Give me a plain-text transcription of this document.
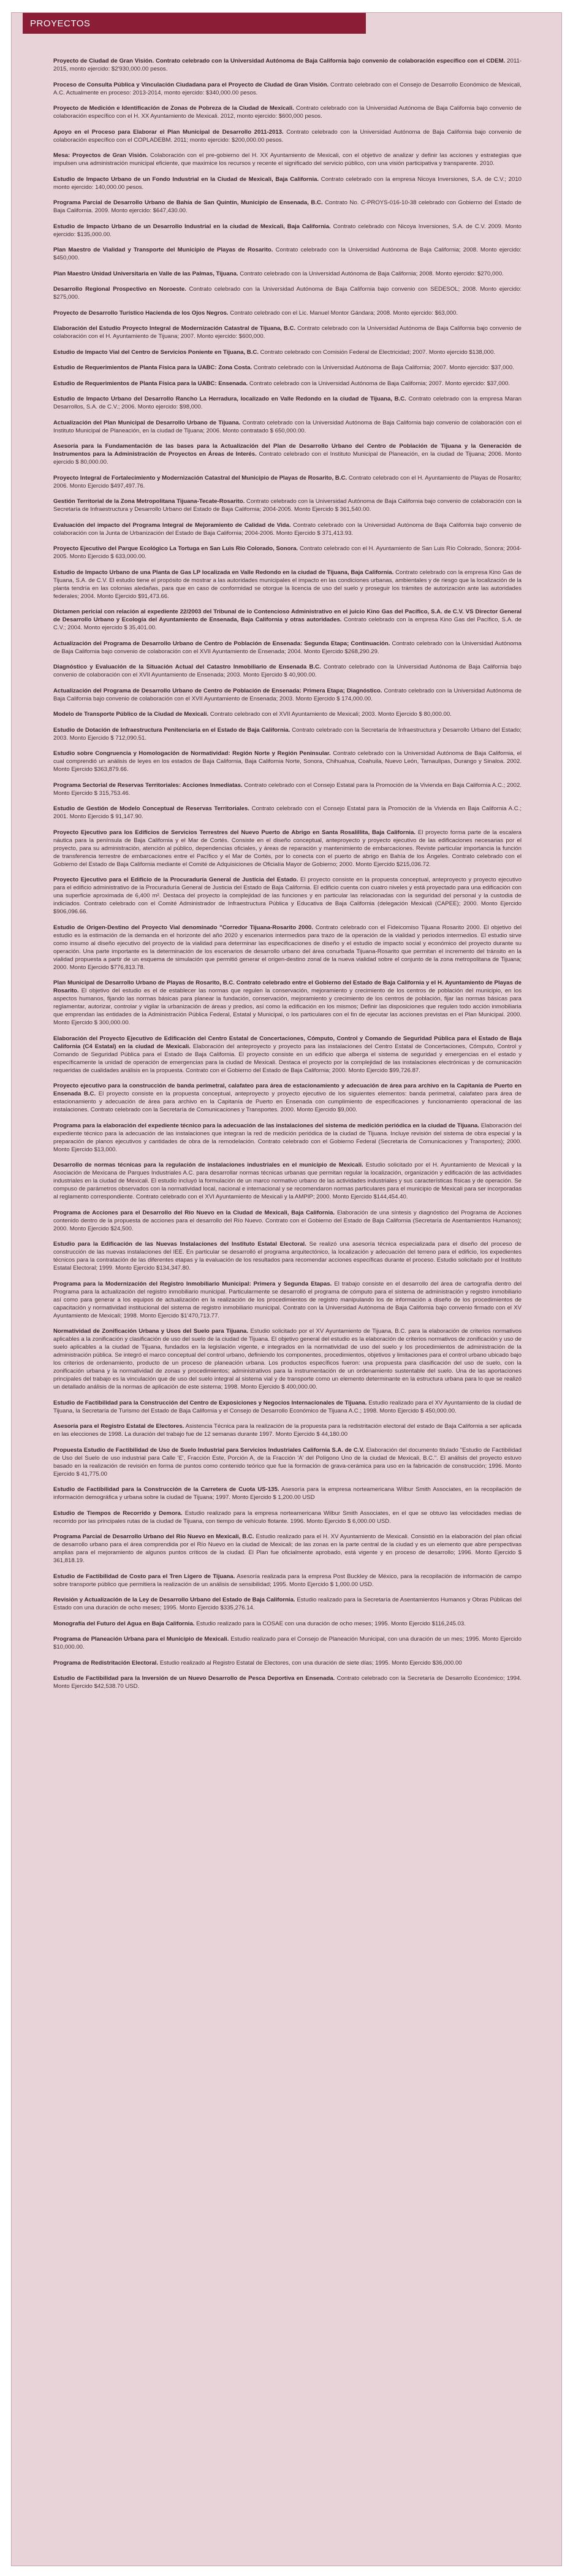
PROYECTOS
Proyecto de Ciudad de Gran Visión. Contrato celebrado con la Universidad Autónoma de Baja California bajo convenio de colaboración específico con el CDEM. 2011-2015, monto ejercido: $2'930,000.00 pesos.
Proceso de Consulta Pública y Vinculación Ciudadana para el Proyecto de Ciudad de Gran Visión. Contrato celebrado con el Consejo de Desarrollo Económico de Mexicali, A.C. Actualmente en proceso: 2013-2014, monto ejercido: $340,000.00 pesos.
Proyecto de Medición e Identificación de Zonas de Pobreza de la Ciudad de Mexicali. Contrato celebrado con la Universidad Autónoma de Baja California bajo convenio de colaboración específico con el H. XX Ayuntamiento de Mexicali. 2012, monto ejercido: $600,000 pesos.
Apoyo en el Proceso para Elaborar el Plan Municipal de Desarrollo 2011-2013. Contrato celebrado con la Universidad Autónoma de Baja California bajo convenio de colaboración específico con el COPLADEBM. 2011; monto ejercido: $200,000.00 pesos.
Mesa: Proyectos de Gran Visión. Colaboración con el pre-gobierno del H. XX Ayuntamiento de Mexicali, con el objetivo de analizar y definir las acciones y estrategias que impulsen una administración municipal eficiente, que maximice los recursos y recente el significado del servicio público, con una visión participativa y transparente. 2010.
Estudio de Impacto Urbano de un Fondo Industrial en la Ciudad de Mexicali, Baja California. Contrato celebrado con la empresa Nicoya Inversiones, S.A. de C.V.; 2010 monto ejercido: 140,000.00 pesos.
Programa Parcial de Desarrollo Urbano de Bahía de San Quintín, Municipio de Ensenada, B.C. Contrato No. C-PROYS-016-10-38 celebrado con Gobierno del Estado de Baja California. 2009. Monto ejercido: $647,430.00.
Estudio de Impacto Urbano de un Desarrollo Industrial en la ciudad de Mexicali, Baja California. Contrato celebrado con Nicoya Inversiones, S.A. de C.V. 2009. Monto ejercido: $135,000.00.
Plan Maestro de Vialidad y Transporte del Municipio de Playas de Rosarito. Contrato celebrado con la Universidad Autónoma de Baja California; 2008. Monto ejercido: $450,000.
Plan Maestro Unidad Universitaria en Valle de las Palmas, Tijuana. Contrato celebrado con la Universidad Autónoma de Baja California; 2008. Monto ejercido: $270,000.
Desarrollo Regional Prospectivo en Noroeste. Contrato celebrado con la Universidad Autónoma de Baja California bajo convenio con SEDESOL; 2008. Monto ejercido: $275,000.
Proyecto de Desarrollo Turístico Hacienda de los Ojos Negros. Contrato celebrado con el Lic. Manuel Montor Gándara; 2008. Monto ejercido: $63,000.
Elaboración del Estudio Proyecto Integral de Modernización Catastral de Tijuana, B.C. Contrato celebrado con la Universidad Autónoma de Baja California bajo convenio de colaboración con el H. Ayuntamiento de Tijuana; 2007. Monto ejercido: $600,000.
Estudio de Impacto Vial del Centro de Servicios Poniente en Tijuana, B.C. Contrato celebrado con Comisión Federal de Electricidad; 2007. Monto ejercido $138,000.
Estudio de Requerimientos de Planta Física para la UABC: Zona Costa. Contrato celebrado con la Universidad Autónoma de Baja California; 2007. Monto ejercido: $37,000.
Estudio de Requerimientos de Planta Física para la UABC: Ensenada. Contrato celebrado con la Universidad Autónoma de Baja California; 2007. Monto ejercido: $37,000.
Estudio de Impacto Urbano del Desarrollo Rancho La Herradura, localizado en Valle Redondo en la ciudad de Tijuana, B.C. Contrato celebrado con la empresa Maran Desarrollos, S.A. de C.V.; 2006. Monto ejercido: $98,000.
Actualización del Plan Municipal de Desarrollo Urbano de Tijuana. Contrato celebrado con la Universidad Autónoma de Baja California bajo convenio de colaboración con el Instituto Municipal de Planeación, en la ciudad de Tijuana; 2006. Monto contratado $ 650,000.00.
Asesoría para la Fundamentación de las bases para la Actualización del Plan de Desarrollo Urbano del Centro de Población de Tijuana y la Generación de Instrumentos para la Administración de Proyectos en Áreas de Interés. Contrato celebrado con el Instituto Municipal de Planeación, en la ciudad de Tijuana; 2006. Monto ejercido $ 80,000.00.
Proyecto Integral de Fortalecimiento y Modernización Catastral del Municipio de Playas de Rosarito, B.C. Contrato celebrado con el H. Ayuntamiento de Playas de Rosarito; 2006. Monto Ejercido $497,497.76.
Gestión Territorial de la Zona Metropolitana Tijuana-Tecate-Rosarito. Contrato celebrado con la Universidad Autónoma de Baja California bajo convenio de colaboración con la Secretaría de Infraestructura y Desarrollo Urbano del Estado de Baja California; 2004-2005. Monto Ejercido $ 361,540.00.
Evaluación del impacto del Programa Integral de Mejoramiento de Calidad de Vida. Contrato celebrado con la Universidad Autónoma de Baja California bajo convenio de colaboración con la Junta de Urbanización del Estado de Baja California; 2004-2006. Monto Ejercido $ 371,413.93.
Proyecto Ejecutivo del Parque Ecológico La Tortuga en San Luis Río Colorado, Sonora. Contrato celebrado con el H. Ayuntamiento de San Luis Río Colorado, Sonora; 2004-2005. Monto Ejercido $ 633,000.00.
Estudio de Impacto Urbano de una Planta de Gas LP localizada en Valle Redondo en la ciudad de Tijuana, Baja California. Contrato celebrado con la empresa Kino Gas de Tijuana, S.A. de C.V. El estudio tiene el propósito de mostrar a las autoridades municipales el impacto en las condiciones urbanas, ambientales y de riesgo que la localización de la planta tendría en las colonias aledañas, para que en caso de conformidad se otorgue la licencia de uso del suelo y proseguir los trámites de autorización ante las autoridades federales; 2004. Monto Ejercido $91,473.66.
Dictamen pericial con relación al expediente 22/2003 del Tribunal de lo Contencioso Administrativo en el juicio Kino Gas del Pacífico, S.A. de C.V. VS Director General de Desarrollo Urbano y Ecología del Ayuntamiento de Ensenada, Baja California y otras autoridades. Contrato celebrado con la empresa Kino Gas del Pacífico, S.A. de C.V.; 2004. Monto ejercido $ 35,401.00.
Actualización del Programa de Desarrollo Urbano de Centro de Población de Ensenada: Segunda Etapa; Continuación. Contrato celebrado con la Universidad Autónoma de Baja California bajo convenio de colaboración con el XVII Ayuntamiento de Ensenada; 2004. Monto Ejercido $268,290.29.
Diagnóstico y Evaluación de la Situación Actual del Catastro Inmobiliario de Ensenada B.C. Contrato celebrado con la Universidad Autónoma de Baja California bajo convenio de colaboración con el XVII Ayuntamiento de Ensenada; 2003. Monto Ejercido $ 40,900.00.
Actualización del Programa de Desarrollo Urbano de Centro de Población de Ensenada: Primera Etapa; Diagnóstico. Contrato celebrado con la Universidad Autónoma de Baja California bajo convenio de colaboración con el XVII Ayuntamiento de Ensenada; 2003. Monto Ejercido $ 174,000.00.
Modelo de Transporte Público de la Ciudad de Mexicali. Contrato celebrado con el XVII Ayuntamiento de Mexicali; 2003. Monto Ejercido $ 80,000.00.
Estudio de Dotación de Infraestructura Penitenciaria en el Estado de Baja California. Contrato celebrado con la Secretaría de Infraestructura y Desarrollo Urbano del Estado; 2003. Monto Ejercido $ 712,090.51.
Estudio sobre Congruencia y Homologación de Normatividad: Región Norte y Región Peninsular. Contrato celebrado con la Universidad Autónoma de Baja California, el cual comprendió un análisis de leyes en los estados de Baja California, Baja California Norte, Sonora, Chihuahua, Coahuila, Nuevo León, Tamaulipas, Durango y Sinaloa. 2002. Monto Ejercido $363,879.66.
Programa Sectorial de Reservas Territoriales: Acciones Inmediatas. Contrato celebrado con el Consejo Estatal para la Promoción de la Vivienda en Baja California A.C.; 2002. Monto Ejercido $ 315,753.46.
Estudio de Gestión de Modelo Conceptual de Reservas Territoriales. Contrato celebrado con el Consejo Estatal para la Promoción de la Vivienda en Baja California A.C.; 2001. Monto Ejercido $ 91,147.90.
Proyecto Ejecutivo para los Edificios de Servicios Terrestres del Nuevo Puerto de Abrigo en Santa Rosalillita, Baja California. El proyecto forma parte de la escalera náutica para la península de Baja California y el Mar de Cortés. Consiste en el diseño conceptual, anteproyecto y proyecto ejecutivo de las edificaciones necesarias por el proyecto, para su administración, atención al público, dependencias oficiales, y áreas de reparación y mantenimiento de embarcaciones. Reviste particular importancia la función de transferencia terrestre de embarcaciones entre el Pacífico y el Mar de Cortés, por lo conecta con el puerto de abrigo en Bahía de los Ángeles. Contrato celebrado con el Gobierno del Estado de Baja California mediante el Comité de Adquisiciones de Oficialía Mayor de Gobierno; 2000. Monto Ejercido $215,036.72.
Proyecto Ejecutivo para el Edificio de la Procuraduría General de Justicia del Estado. El proyecto consiste en la propuesta conceptual, anteproyecto y proyecto ejecutivo para el edificio administrativo de la Procuraduría General de Justicia del Estado de Baja California. El edificio cuenta con cuatro niveles y está proyectado para una edificación con una superficie aproximada de 6,400 m². Destaca del proyecto la complejidad de las funciones y en particular las relacionadas con la seguridad del personal y la custodia de indiciados. Contrato celebrado con el Comité Administrador de Infraestructura Pública y Educativa de Baja California (delegación Mexicali (CAPEE); 2000. Monto Ejercido $906,096.66.
Estudio de Origen-Destino del Proyecto Vial denominado "Corredor Tijuana-Rosarito 2000. Contrato celebrado con el Fideicomiso Tijuana Rosarito 2000. El objetivo del estudio es la estimación de la demanda en el horizonte del año 2020 y escenarios intermedios para trazo de la operación de la vialidad y periodos intermedios. El estudio sirve como insumo al diseño ejecutivo del proyecto de la vialidad para determinar las especificaciones de diseño y el estudio de impacto social y económico del proyecto durante su operación. Una parte importante es la determinación de los escenarios de desarrollo urbano del área conurbada Tijuana-Rosarito que permitan el incremento del tránsito en la vialidad propuesta a partir de un esquema de simulación que permitió generar el origen-destino zonal de la nueva vialidad sobre el conjunto de la zona metropolitana de Tijuana; 2000. Monto Ejercido $776,813.78.
Plan Municipal de Desarrollo Urbano de Playas de Rosarito, B.C. Contrato celebrado entre el Gobierno del Estado de Baja California y el H. Ayuntamiento de Playas de Rosarito. El objetivo del estudio es el de establecer las normas que regulen la conservación, mejoramiento y crecimiento de los centros de población del municipio, en los aspectos humanos, fijando las normas básicas para planear la fundación, conservación, mejoramiento y crecimiento de los centros de población, fijar las normas básicas para reglamentar, autorizar, controlar y vigilar la urbanización de áreas y predios, así como la edificación en los mismos; Definir las disposiciones que regulen todo acción inmobiliaria que emprendan las entidades de la Administración Pública Federal, Estatal y Municipal, o los particulares con el fin de ejecutar las acciones previstas en el Plan Municipal. 2000. Monto Ejercido $ 300,000.00.
Elaboración del Proyecto Ejecutivo de Edificación del Centro Estatal de Concertaciones, Cómputo, Control y Comando de Seguridad Pública para el Estado de Baja California (C4 Estatal) en la ciudad de Mexicali. Elaboración del anteproyecto y proyecto para las instalaciones del Centro Estatal de Concertaciones, Cómputo, Control y Comando de Seguridad Pública para el Estado de Baja California. El proyecto consiste en un edificio que alberga el sistema de seguridad y emergencias en el estado y específicamente la unidad de operación de emergencias para la ciudad de Mexicali. Destaca el proyecto por la complejidad de las instalaciones electrónicas y de comunicación requeridas de cualidades análisis en la propuesta. Contrato con el Gobierno del Estado de Baja California; 2000. Monto Ejercido $99,726.87.
Proyecto ejecutivo para la construcción de banda perimetral, calafateo para área de estacionamiento y adecuación de área para archivo en la Capitanía de Puerto en Ensenada B.C. El proyecto consiste en la propuesta conceptual, anteproyecto y proyecto ejecutivo de los siguientes elementos: banda perimetral, calafateo para área de estacionamiento y adecuación de área para archivo en la Capitanía de Puerto en Ensenada con cumplimiento de especificaciones y funcionamiento operacional de las instalaciones. Contrato celebrado con la Secretaría de Comunicaciones y Transportes. 2000. Monto Ejercido $9,000.
Programa para la elaboración del expediente técnico para la adecuación de las instalaciones del sistema de medición periódica en la ciudad de Tijuana. Elaboración del expediente técnico para la adecuación de las instalaciones que integran la red de medición periódica de la ciudad de Tijuana. Incluye revisión del sistema de obra especial y la preparación de planos ejecutivos y cantidades de obra de la remodelación. Contrato celebrado con el Gobierno Federal (Secretaría de Comunicaciones y Transportes); 2000. Monto Ejercido $13,000.
Desarrollo de normas técnicas para la regulación de instalaciones industriales en el municipio de Mexicali. Estudio solicitado por el H. Ayuntamiento de Mexicali y la Asociación de Mexicana de Parques Industriales A.C. para desarrollar normas técnicas urbanas que permitan regular la localización, organización y edificación de las actividades industriales en la ciudad de Mexicali. El estudio incluyó la formulación de un marco normativo urbano de las actividades industriales y sus características físicas y de operación. Se compuso de parámetros observados con la normatividad local, nacional e internacional y se recomendaron normas particulares para el municipio de Mexicali para ser incorporadas al reglamento correspondiente. Contrato celebrado con el XVI Ayuntamiento de Mexicali y la AMPIP; 2000. Monto Ejercido $144,454.40.
Programa de Acciones para el Desarrollo del Río Nuevo en la Ciudad de Mexicali, Baja California. Elaboración de una síntesis y diagnóstico del Programa de Acciones contenido dentro de la propuesta de acciones para el desarrollo del Río Nuevo. Contrato con el Gobierno del Estado de Baja California (Secretaría de Asentamientos Humanos); 2000. Monto Ejercido $24,500.
Estudio para la Edificación de las Nuevas Instalaciones del Instituto Estatal Electoral. Se realizó una asesoría técnica especializada para el diseño del proceso de construcción de las nuevas instalaciones del IEE. En particular se desarrolló el programa arquitectónico, la localización y adecuación del terreno para el edificio, los expedientes técnicos para la contratación de las diferentes etapas y la evaluación de los resultados para recomendar acciones específicas durante el proceso. Estudio solicitado por el Instituto Estatal Electoral; 1999. Monto Ejercido $134,347.80.
Programa para la Modernización del Registro Inmobiliario Municipal: Primera y Segunda Etapas. El trabajo consiste en el desarrollo del área de cartografía dentro del Programa para la actualización del registro inmobiliario municipal. Particularmente se desarrolló el programa de cómputo para el sistema de administración y registro inmobiliario así como para generar a los equipos de actualización en la realización de los procedimientos de registro manipulando los de información a diseño de los procedimientos de capacitación y normatividad institucional del sistema de registro inmobiliario municipal. Contrato con la Universidad Autónoma de Baja California bajo convenio firmado con el XV Ayuntamiento de Mexicali; 1998. Monto Ejercido $1'470,713.77.
Normatividad de Zonificación Urbana y Usos del Suelo para Tijuana. Estudio solicitado por el XV Ayuntamiento de Tijuana, B.C. para la elaboración de criterios normativos aplicables a la zonificación y clasificación de uso del suelo de la ciudad de Tijuana. El objetivo general del estudio es la elaboración de criterios normativos de zonificación y uso de suelo aplicables a la ciudad de Tijuana, fundados en la legislación vigente, e integrados en la normatividad de uso del suelo y los procedimientos de administración de la administración pública. Se integró el marco conceptual del control urbano, definiendo los componentes, procedimientos, objetivos y limitaciones para el control urbano ubicado bajo los criterios de ordenamiento, producto de un proceso de planeación urbana. Los productos específicos fueron: una propuesta para clasificación del uso de suelo, con la zonificación urbana y la normatividad de zonas y procedimientos; administrativos para la instrumentación de un ordenamiento sustentable del suelo. Una de las aportaciones principales del trabajo es la vinculación que de uso del suelo integral al sistema vial y de transporte como un elemento determinante en la estructura urbana para lo que se realizó un detallado análisis de la normas de aplicación de este sistema; 1998. Monto Ejercido $ 400,000.00.
Estudio de Factibilidad para la Construcción del Centro de Exposiciones y Negocios Internacionales de Tijuana. Estudio realizado para el XV Ayuntamiento de la ciudad de Tijuana, la Secretaría de Turismo del Estado de Baja California y el Consejo de Desarrollo Económico de Tijuana A.C.; 1998. Monto Ejercido $ 450,000.00.
Asesoría para el Registro Estatal de Electores. Asistencia Técnica para la realización de la propuesta para la redistritación electoral del estado de Baja California a ser aplicada en las elecciones de 1998. La duración del trabajo fue de 12 semanas durante 1997. Monto Ejercido $ 44,180.00
Propuesta Estudio de Factibilidad de Uso de Suelo Industrial para Servicios Industriales California S.A. de C.V. Elaboración del documento titulado "Estudio de Factibilidad de Uso del Suelo de uso industrial para Calle 'E', Fracción Este, Porción A, de la Fracción 'A' del Polígono Uno de la ciudad de Mexicali, B.C.". El análisis del proyecto estuvo basado en la realización de revisión en forma de puntos como contenido teórico que fue la formación de grava-cerámica para uso en la fabricación de construcción; 1996. Monto Ejercido $ 41,775.00
Estudio de Factibilidad para la Construcción de la Carretera de Cuota US-135. Asesoría para la empresa norteamericana Wilbur Smith Associates, en la recopilación de información demográfica y urbana sobre la ciudad de Tijuana; 1997. Monto Ejercido $ 1,200.00 USD
Estudio de Tiempos de Recorrido y Demora. Estudio realizado para la empresa norteamericana Wilbur Smith Associates, en el que se obtuvo las velocidades medias de recorrido por las principales rutas de la ciudad de Tijuana, con tiempo de vehículo flotante. 1996. Monto Ejercido $ 6,000.00 USD.
Programa Parcial de Desarrollo Urbano del Río Nuevo en Mexicali, B.C. Estudio realizado para el H. XV Ayuntamiento de Mexicali. Consistió en la elaboración del plan oficial de desarrollo urbano para el área comprendida por el Río Nuevo en la ciudad de Mexicali; de las zonas en la parte central de la ciudad y es un elemento que abre perspectivas amplias para el mejoramiento de algunos puntos críticos de la ciudad. El Plan fue oficialmente aprobado, está vigente y en proceso de desarrollo; 1996. Monto Ejercido $ 361,818.19.
Estudio de Factibilidad de Costo para el Tren Ligero de Tijuana. Asesoría realizada para la empresa Post Buckley de México, para la recopilación de información de campo sobre transporte público que permitiera la realización de un análisis de sensibilidad; 1995. Monto Ejercido $ 1,000.00 USD.
Revisión y Actualización de la Ley de Desarrollo Urbano del Estado de Baja California. Estudio realizado para la Secretaría de Asentamientos Humanos y Obras Públicas del Estado con una duración de ocho meses; 1995. Monto Ejercido $335,276.14.
Monografía del Futuro del Agua en Baja California. Estudio realizado para la COSAE con una duración de ocho meses; 1995. Monto Ejercido $116,245.03.
Programa de Planeación Urbana para el Municipio de Mexicali. Estudio realizado para el Consejo de Planeación Municipal, con una duración de un mes; 1995. Monto Ejercido $10,000.00.
Programa de Redistritación Electoral. Estudio realizado al Registro Estatal de Electores, con una duración de siete días; 1995. Monto Ejercido $36,000.00
Estudio de Factibilidad para la Inversión de un Nuevo Desarrollo de Pesca Deportiva en Ensenada. Contrato celebrado con la Secretaría de Desarrollo Económico; 1994. Monto Ejercido $42,538.70 USD.
